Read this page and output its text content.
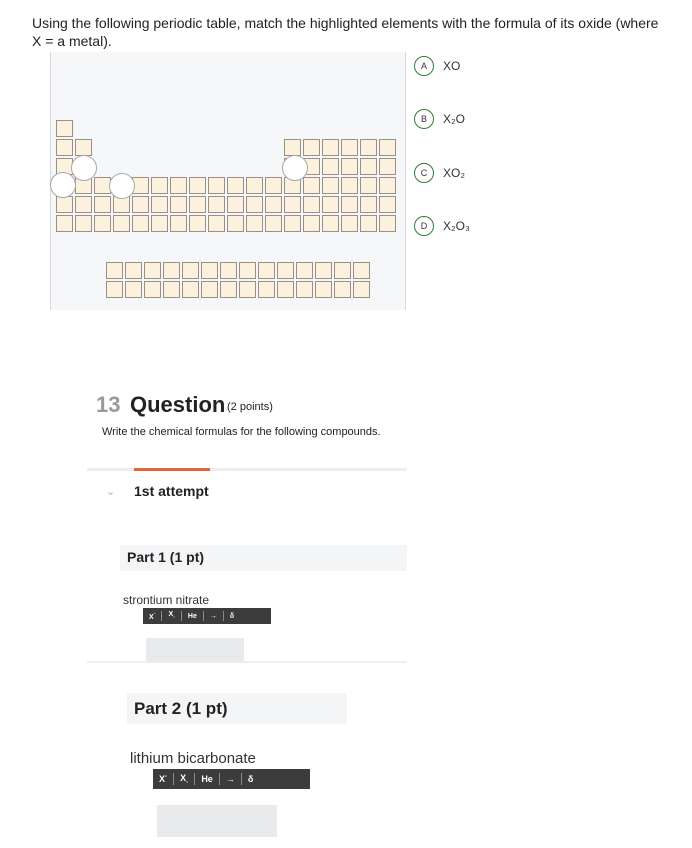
Using the following periodic table, match the highlighted elements with the formula of its oxide (where X = a metal).
A	XO
B	X₂O
C	XO₂
D	X₂O₃
13 Question (2 points)
Write the chemical formulas for the following compounds.
⌄ 1st attempt
Part 1 (1 pt)
strontium nitrate
X▫ $X_▫$ He → δ
Part 2 (1 pt)
lithium bicarbonate
X▫ $X_▫$ He → δ
